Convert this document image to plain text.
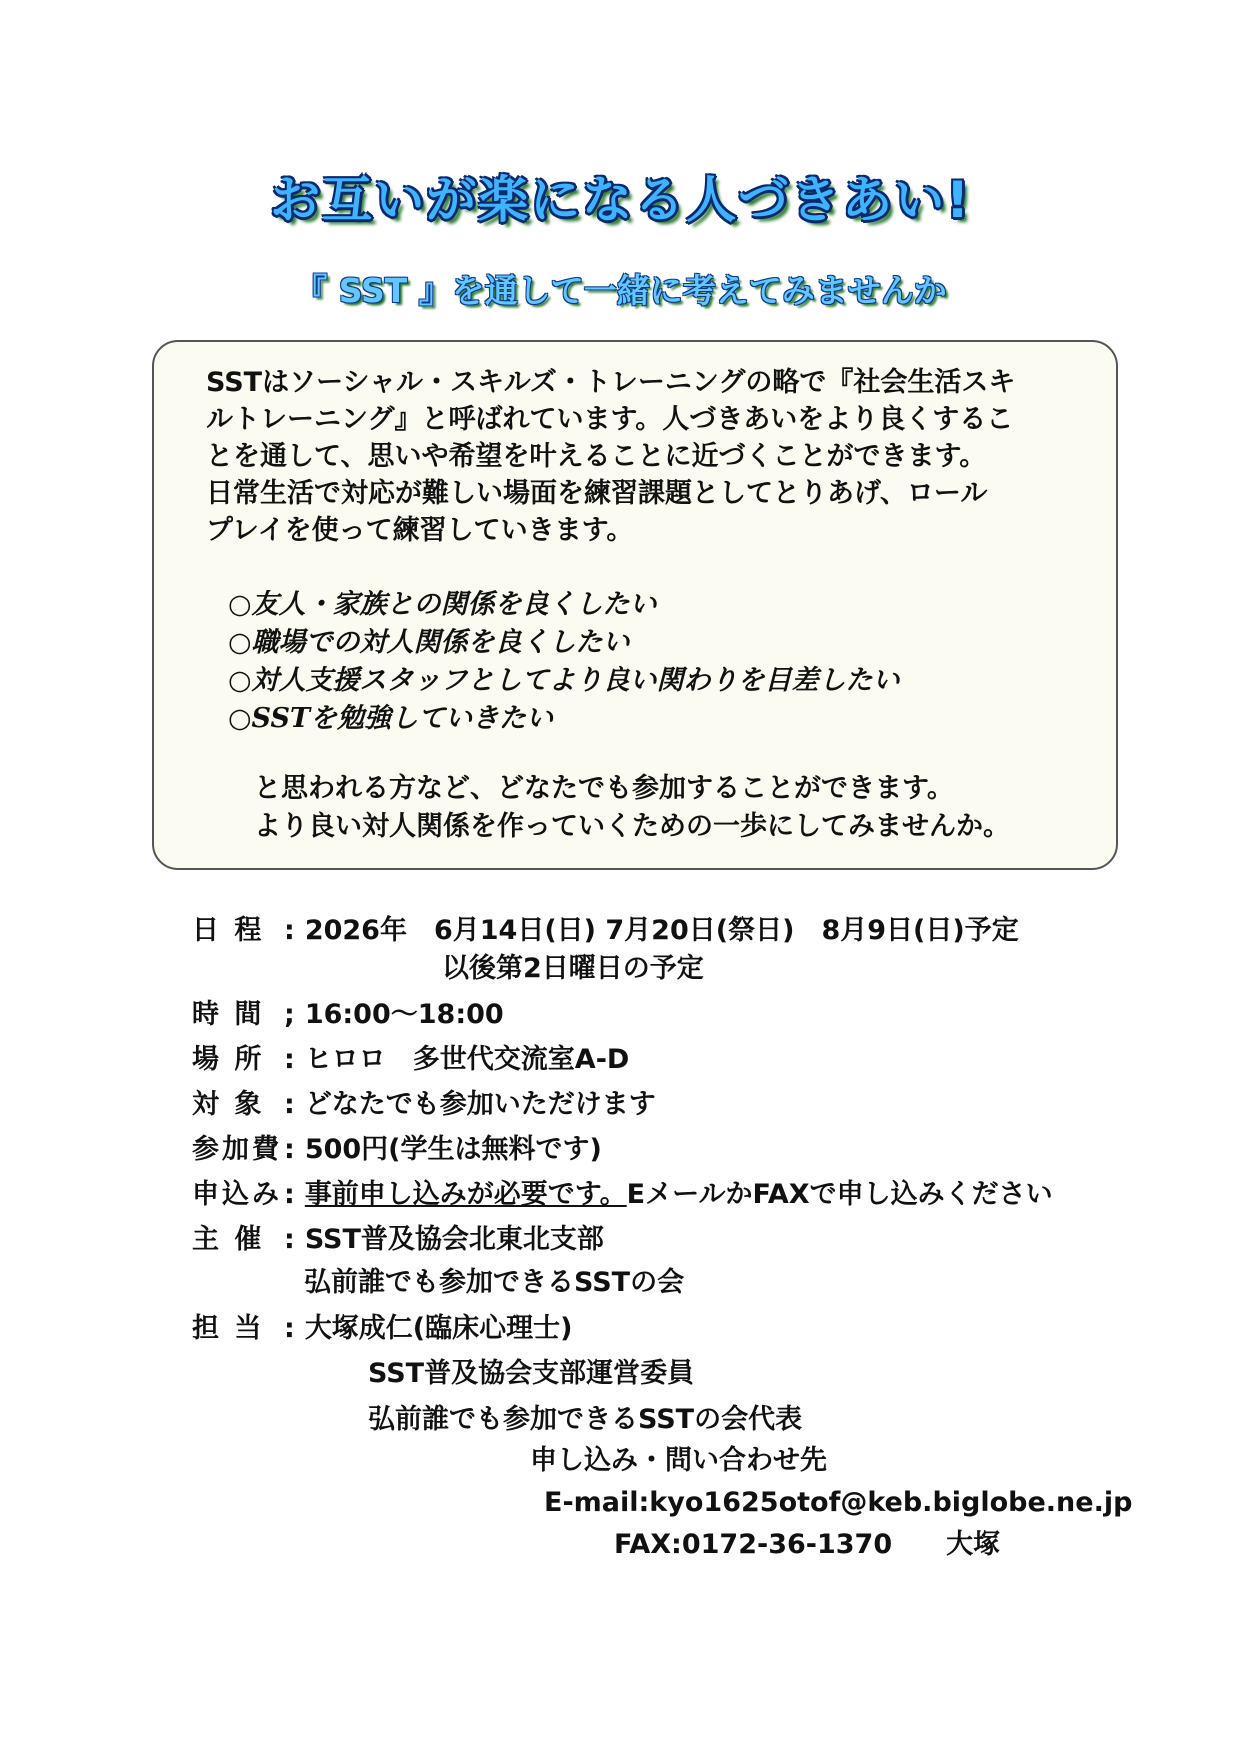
お互いが楽になる人づきあい!
『 SST 』を通して一緒に考えてみませんか

SSTはソーシャル・スキルズ・トレーニングの略で『社会生活スキ

ルトレーニング』と呼ばれています。人づきあいをより良くするこ

とを通して、思いや希望を叶えることに近づくことができます。

日常生活で対応が難しい場面を練習課題としてとりあげ、ロール

プレイを使って練習していきます。

○友人・家族との関係を良くしたい
○職場での対人関係を良くしたい
○対人支援スタッフとしてより良い関わりを目差したい
○SSTを勉強していきたい

と思われる方など、どなたでも参加することができます。

より良い対人関係を作っていくための一歩にしてみませんか。

日 程 : 2026年　6月14日(日) 7月20日(祭日)　8月9日(日)予定
以後第2日曜日の予定
時 間 ; 16:00〜18:00
場 所 : ヒロロ　多世代交流室A-D
対 象 : どなたでも参加いただけます
参加費: 500円(学生は無料です)
申込み: 事前申し込みが必要です。EメールかFAXで申し込みください
主 催 : SST普及協会北東北支部
弘前誰でも参加できるSSTの会
担 当 : 大塚成仁(臨床心理士)
SST普及協会支部運営委員
弘前誰でも参加できるSSTの会代表
申し込み・問い合わせ先
E-mail:kyo1625otof@keb.biglobe.ne.jp
FAX:0172-36-1370　　大塚
